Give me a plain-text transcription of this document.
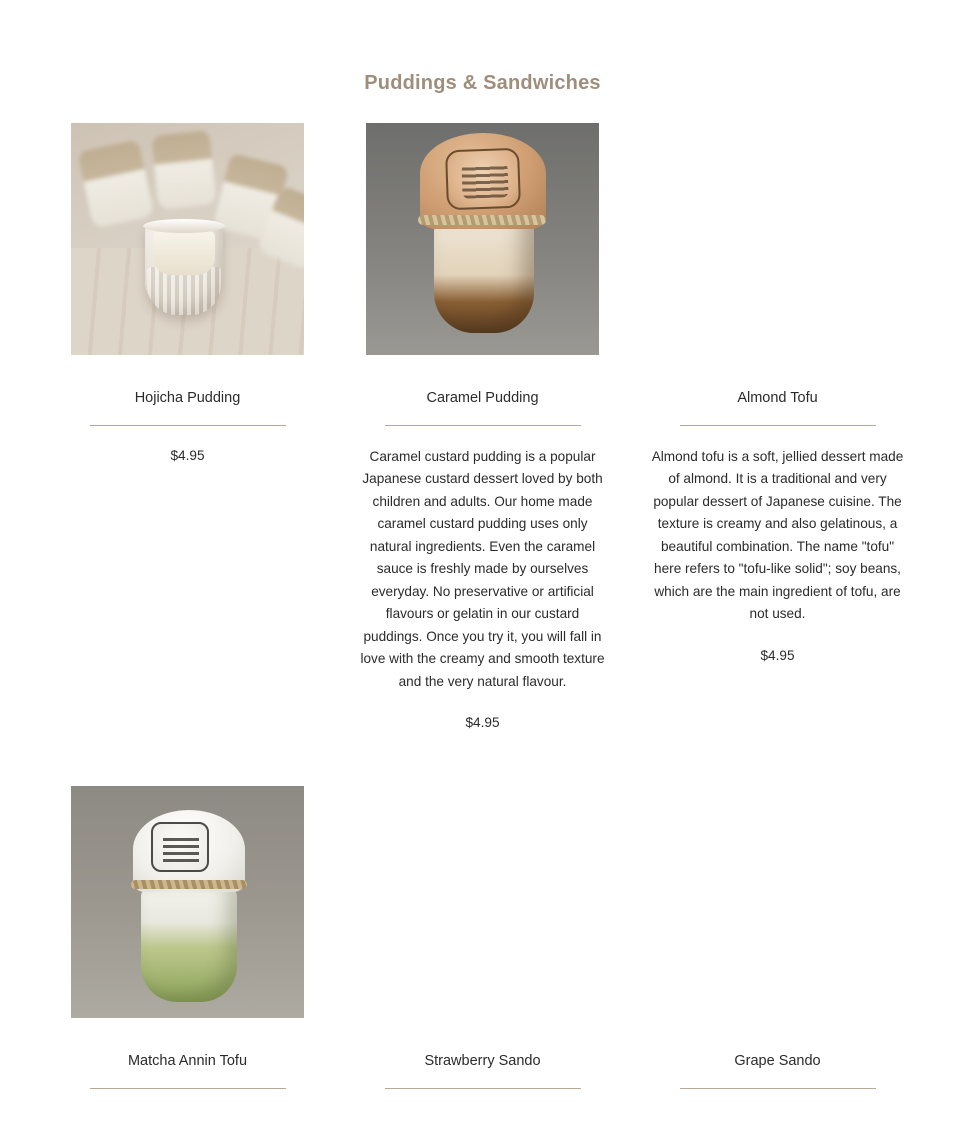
Puddings & Sandwiches
Hojicha Pudding
$4.95
Caramel Pudding
Caramel custard pudding is a popular Japanese custard dessert loved by both children and adults. Our home made caramel custard pudding uses only natural ingredients. Even the caramel sauce is freshly made by ourselves everyday. No preservative or artificial flavours or gelatin in our custard puddings. Once you try it, you will fall in love with the creamy and smooth texture and the very natural flavour.
$4.95
Almond Tofu
Almond tofu is a soft, jellied dessert made of almond. It is a traditional and very popular dessert of Japanese cuisine. The texture is creamy and also gelatinous, a beautiful combination. The name "tofu" here refers to "tofu-like solid"; soy beans, which are the main ingredient of tofu, are not used.
$4.95
Matcha Annin Tofu	Strawberry Sando	Grape Sando
